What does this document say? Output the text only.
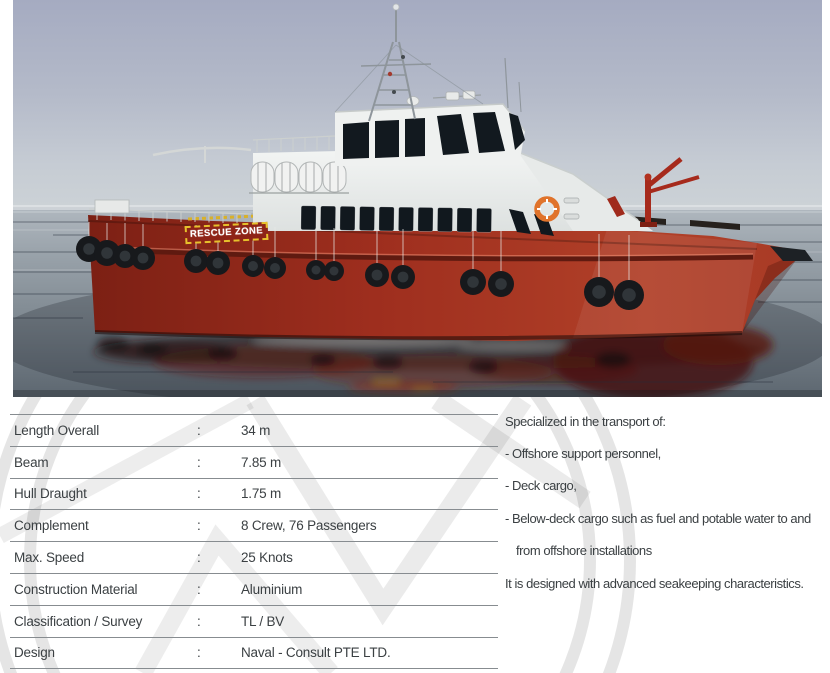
RESCUE ZONE
Length Overall	:	34 m
Beam	:	7.85 m
Hull Draught	:	1.75 m
Complement	:	8 Crew, 76 Passengers
Max. Speed	:	25 Knots
Construction Material	:	Aluminium
Classification / Survey	:	TL / BV
Design	:	Naval - Consult PTE LTD.
Specialized in the transport of:
- Offshore support personnel,
- Deck cargo,
- Below-deck cargo such as fuel and potable water to and
from offshore installations
It is designed with advanced seakeeping characteristics.
